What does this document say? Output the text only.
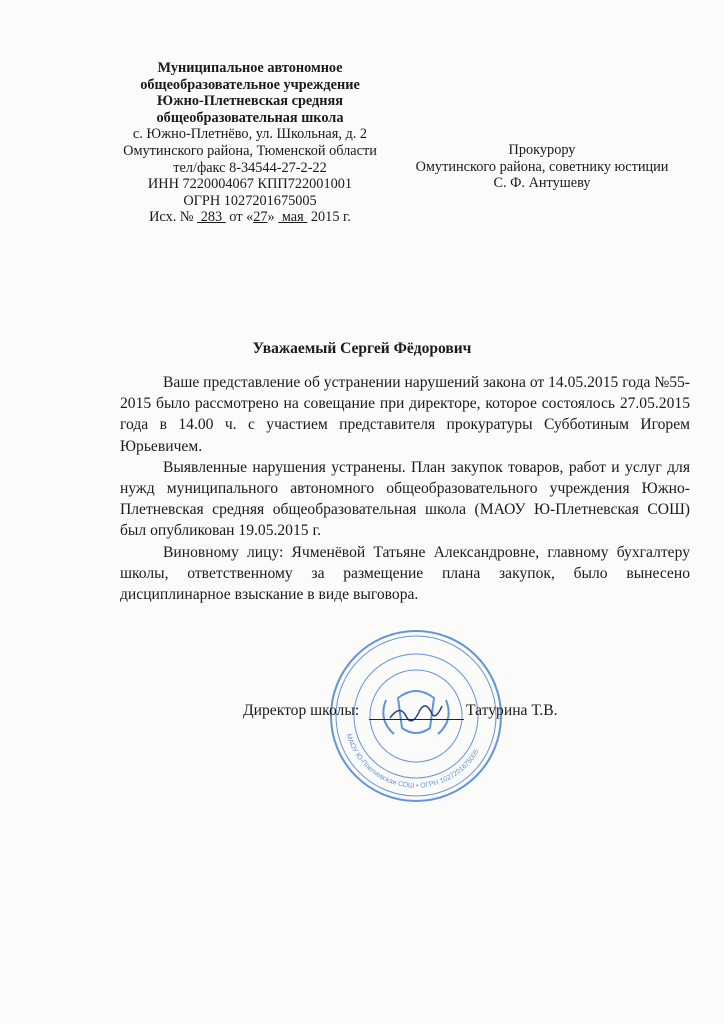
Муниципальное автономное
общеобразовательное учреждение
Южно-Плетневская средняя
общеобразовательная школа
с. Южно-Плетнёво, ул. Школьная, д. 2
Омутинского района, Тюменской области
тел/факс 8-34544-27-2-22
ИНН 7220004067 КПП722001001
ОГРН 1027201675005
Исх. № 283 от «27» мая 2015 г.
Прокурору
Омутинского района, советнику юстиции
С. Ф. Антушеву
Уважаемый Сергей Фёдорович

Ваше представление об устранении нарушений закона от 14.05.2015 года №55-2015 было рассмотрено на совещание при директоре, которое состоялось 27.05.2015 года в 14.00 ч. с участием представителя прокуратуры Субботиным Игорем Юрьевичем.

Выявленные нарушения устранены. План закупок товаров, работ и услуг для нужд муниципального автономного общеобразовательного учреждения Южно-Плетневская средняя общеобразовательная школа (МАОУ Ю-Плетневская СОШ) был опубликован 19.05.2015 г.

Виновному лицу: Ячменёвой Татьяне Александровне, главному бухгалтеру школы, ответственному за размещение плана закупок, было вынесено дисциплинарное взыскание в виде выговора.

МАОУ Ю-Плетневская СОШ • ОГРН 1027201675005
Директор школы:	Татурина Т.В.
